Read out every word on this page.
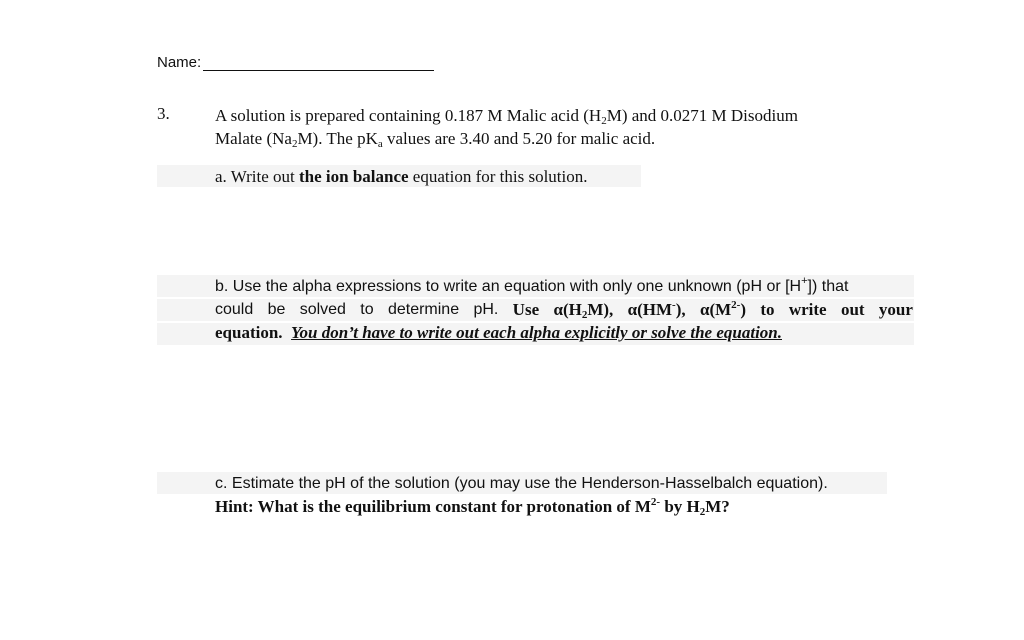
Name:
3.	A solution is prepared containing 0.187 M Malic acid $(H_2M)$ and 0.0271 M Disodium
Malate $(Na_2M)$. The $pK_a$ values are 3.40 and 5.20 for malic acid.
a. Write out the ion balance equation for this solution.
b. Use the alpha expressions to write an equation with only one unknown (pH or [H+]) that
could be solved to determine pH. Use $\alpha(H_2M)$, α(HM-), $\alpha(M^{2-})$ to write out your
equation. You don’t have to write out each alpha explicitly or solve the equation.
c. Estimate the pH of the solution (you may use the Henderson-Hasselbalch equation).
Hint: What is the equilibrium constant for protonation of $M^{2-}$ by $H_2M$?
